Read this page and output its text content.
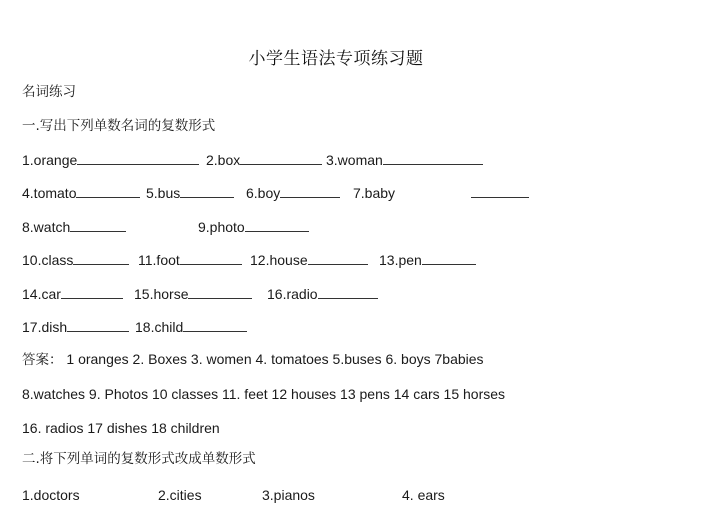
小学生语法专项练习题
名词练习
一.写出下列单数名词的复数形式
1.orange	2.box	3.woman
4.tomato	5.bus	6.boy	7.baby
8.watch	9.photo
10.class	11.foot	12.house	13.pen
14.car	15.horse	16.radio
17.dish	18.child
答案： 1 oranges 2. Boxes 3. women 4. tomatoes 5.buses 6. boys 7babies
8.watches 9. Photos 10 classes 11. feet 12 houses 13 pens 14 cars 15 horses
16. radios 17 dishes 18 children
二.将下列单词的复数形式改成单数形式
1.doctors	2.cities	3.pianos	4. ears
